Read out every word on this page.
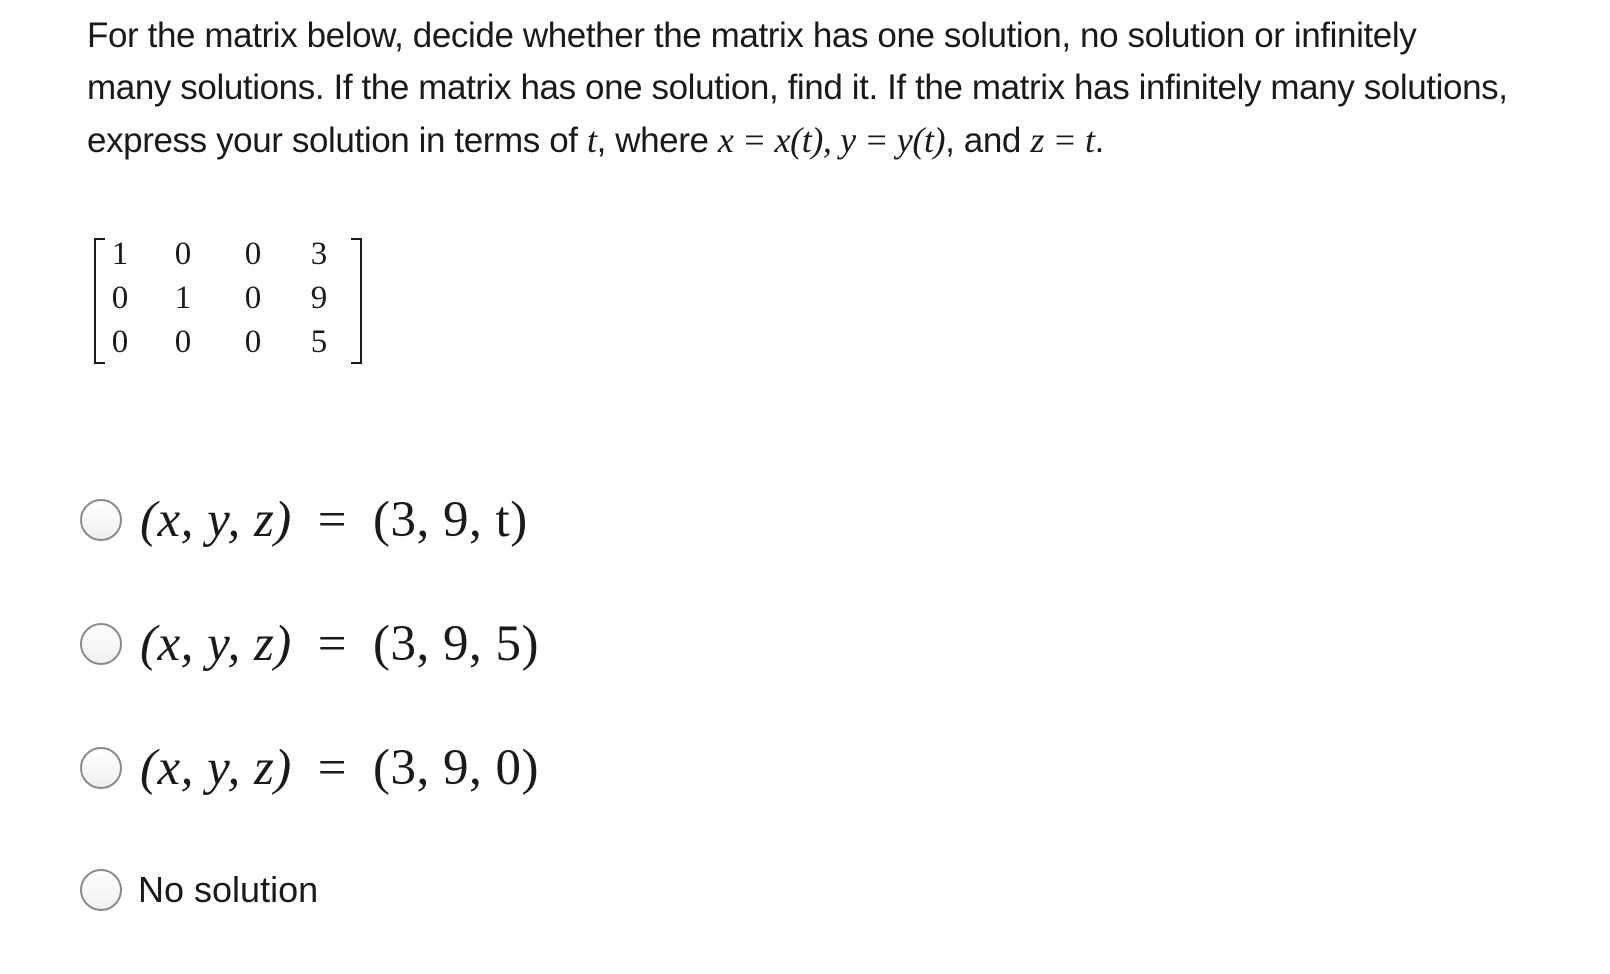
For the matrix below, decide whether the matrix has one solution, no solution or infinitely
many solutions. If the matrix has one solution, find it. If the matrix has infinitely many solutions,
express your solution in terms of t, where x = x(t), y = y(t), and z = t.
1	0	0	3
0	1	0	9
0	0	0	5
(x, y, z) = (3, 9, t)
(x, y, z) = (3, 9, 5)
(x, y, z) = (3, 9, 0)
No solution
